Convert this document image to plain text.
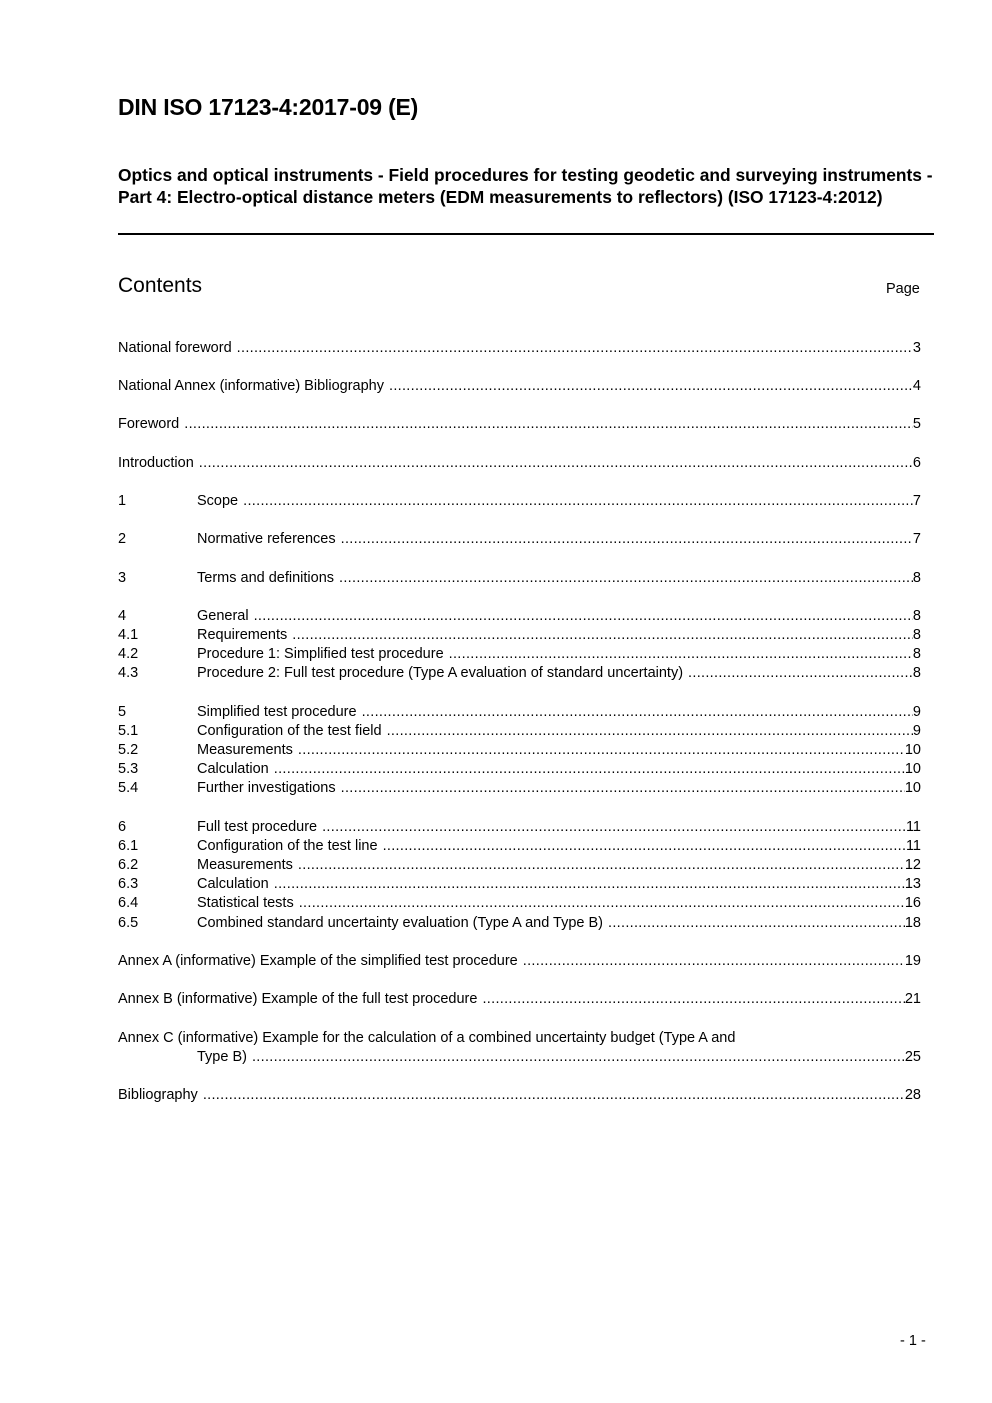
DIN ISO 17123-4:2017-09 (E)
Optics and optical instruments - Field procedures for testing geodetic and surveying instruments - Part 4: Electro-optical distance meters (EDM measurements to reflectors) (ISO 17123-4:2012)
Contents	Page
National foreword .....	3
National Annex (informative) Bibliography .....	4
Foreword .....	5
Introduction .....	6
1	Scope .....	7
2	Normative references .....	7
3	Terms and definitions .....	8
4	General .....	8
4.1	Requirements .....	8
4.2	Procedure 1: Simplified test procedure .....	8
4.3	Procedure 2: Full test procedure (Type A evaluation of standard uncertainty) .....	8
5	Simplified test procedure .....	9
5.1	Configuration of the test field .....	9
5.2	Measurements .....	10
5.3	Calculation .....	10
5.4	Further investigations .....	10
6	Full test procedure .....	11
6.1	Configuration of the test line .....	11
6.2	Measurements .....	12
6.3	Calculation .....	13
6.4	Statistical tests .....	16
6.5	Combined standard uncertainty evaluation (Type A and Type B) .....	18
Annex A (informative) Example of the simplified test procedure .....	19
Annex B (informative) Example of the full test procedure .....	21
Annex C (informative) Example for the calculation of a combined uncertainty budget (Type A and
Type B) .....	25
Bibliography .....	28
- 1 -
